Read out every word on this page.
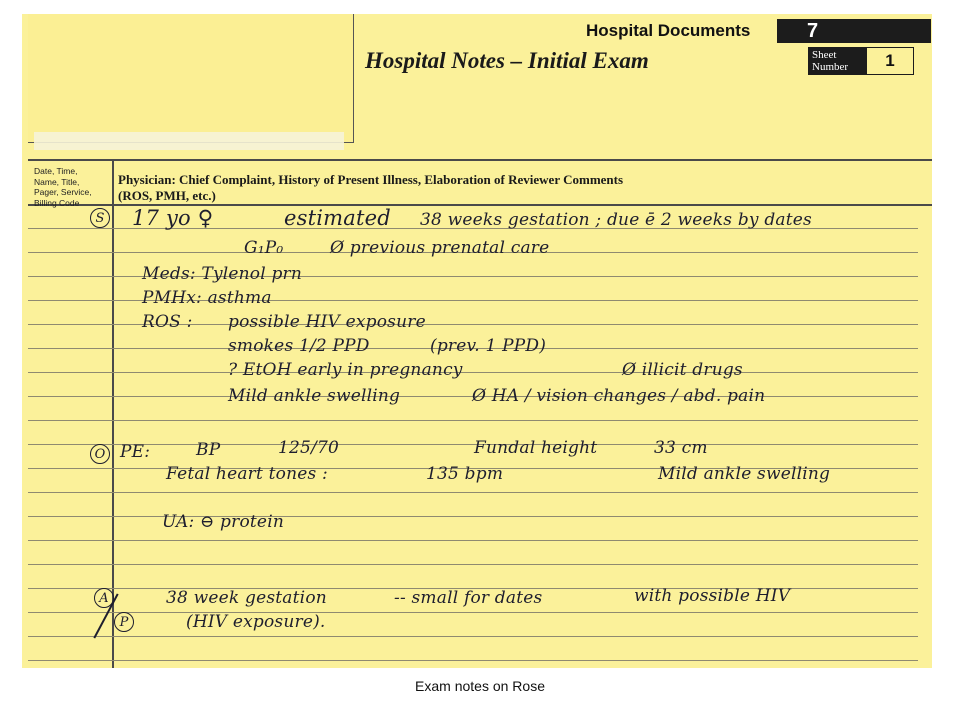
Hospital Documents	7
Hospital Notes – Initial Exam	Sheet
Number	1
Date, Time,
Name, Title,
Pager, Service,
Billing Code
Physician: Chief Complaint, History of Present Illness, Elaboration of Reviewer Comments
(ROS, PMH, etc.)
S 17 yo ♀	estimated 38 weeks gestation ; due ē 2 weeks by dates
G₁P₀	Ø previous prenatal care
Meds: Tylenol prn
PMHx: asthma
ROS : possible HIV exposure
smokes 1/2 PPD	(prev. 1 PPD)
? EtOH early in pregnancy	Ø illicit drugs
Mild ankle swelling	Ø HA / vision changes / abd. pain
O PE:	BP	125/70	Fundal height	33 cm
Fetal heart tones :	135 bpm	Mild ankle swelling
UA: ⊖ protein
A
P
38 week gestation	-- small for dates	with possible HIV
(HIV exposure).
Exam notes on Rose
